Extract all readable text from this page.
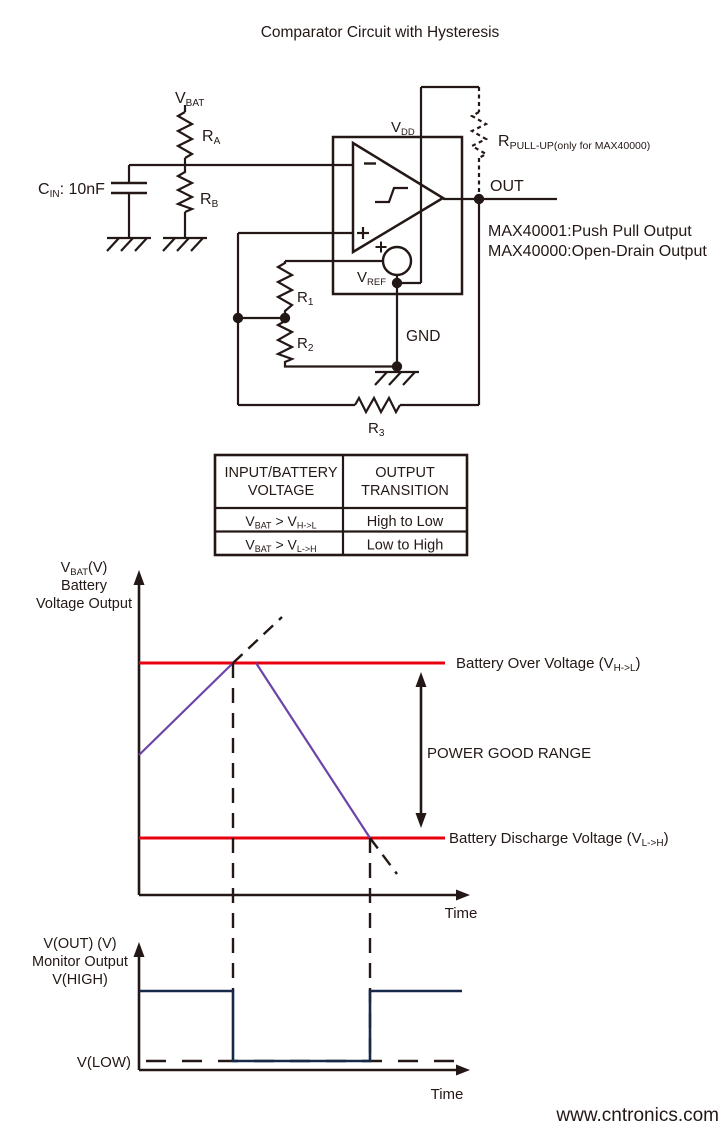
Comparator Circuit with Hysteresis
VBAT
RA
RB
CIN: 10nF
$V_{DD}$
RPULL-UP(only for MAX40000)
OUT
MAX40001:Push Pull Output
MAX40000:Open-Drain Output
$V_{REF}$
$R_1$
$R_2$
$R_3$
GND
INPUT/BATTERY
VOLTAGE
OUTPUT
TRANSITION
VBAT > VH->L	High to Low
VBAT > VL->H	Low to High
$V_{BAT}(V)$
Battery
Voltage Output
Battery Over Voltage $(V_{H->L})$
POWER GOOD RANGE
Battery Discharge Voltage $(V_{L->H})$
Time
V(OUT) (V)
Monitor Output
V(HIGH)
V(LOW)
Time
www.cntronics.com
